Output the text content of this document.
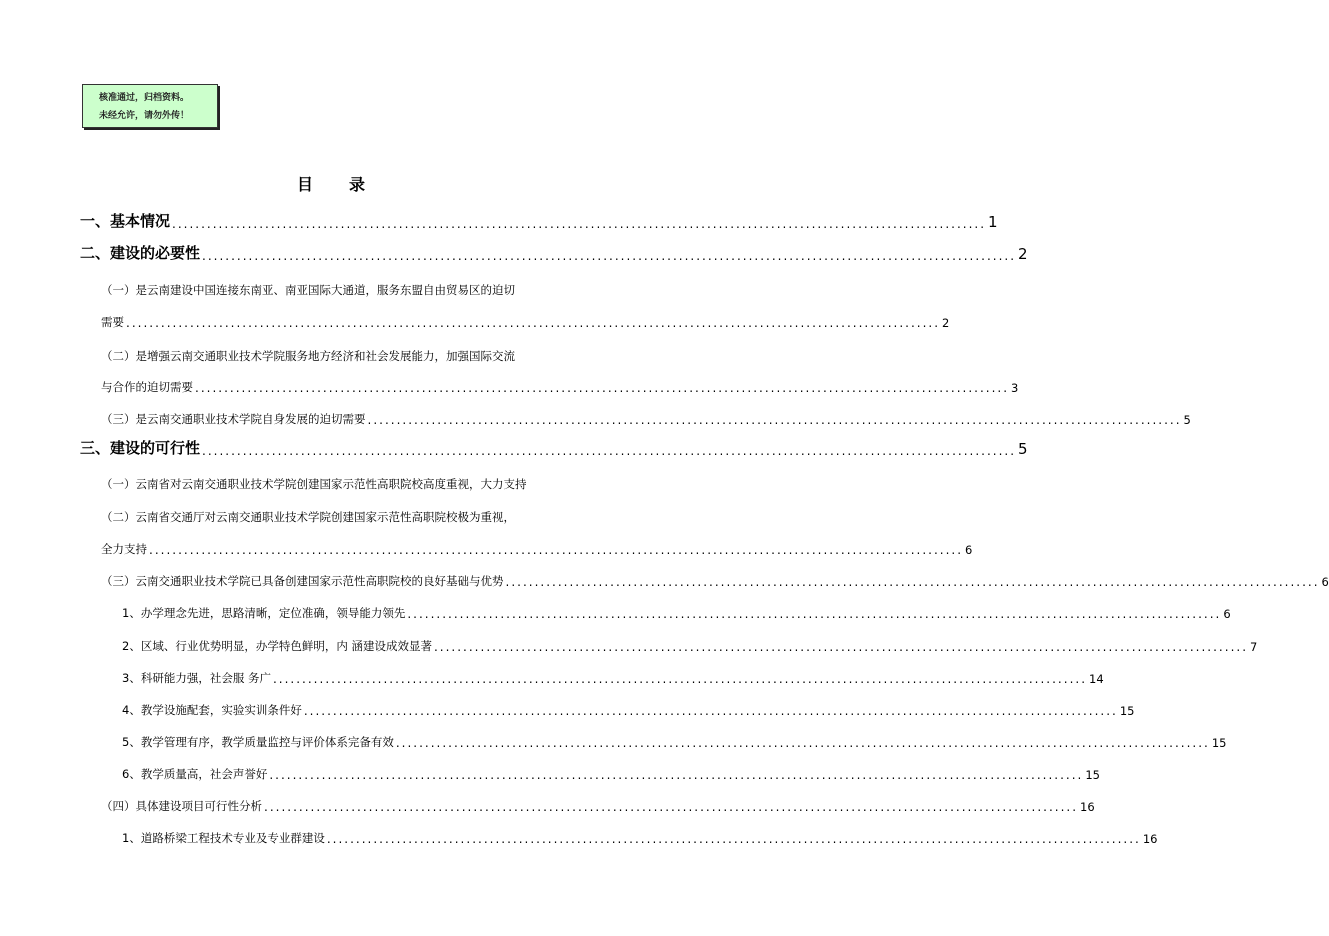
核准通过，归档资料。
未经允许，请勿外传！
目 录
一、基本情况 ............................................................................................................................................ 1
二、建设的必要性 ............................................................................................................................................ 2
（一）是云南建设中国连接东南亚、南亚国际大通道，服务东盟自由贸易区的迫切
需要 ............................................................................................................................................ 2
（二）是增强云南交通职业技术学院服务地方经济和社会发展能力，加强国际交流
与合作的迫切需要 ............................................................................................................................................ 3
（三）是云南交通职业技术学院自身发展的迫切需要 ............................................................................................................................................ 5
三、建设的可行性 ............................................................................................................................................ 5
（一）云南省对云南交通职业技术学院创建国家示范性高职院校高度重视，大力支持
（二）云南省交通厅对云南交通职业技术学院创建国家示范性高职院校极为重视，
全力支持 ............................................................................................................................................ 6
（三）云南交通职业技术学院已具备创建国家示范性高职院校的良好基础与优势 ............................................................................................................................................ 6
1、办学理念先进，思路清晰，定位准确，领导能力领先 ............................................................................................................................................ 6
2、区域、行业优势明显，办学特色鲜明，内 涵建设成效显著 ............................................................................................................................................ 7
3、科研能力强，社会服 务广 ............................................................................................................................................ 14
4、教学设施配套，实验实训条件好 ............................................................................................................................................ 15
5、教学管理有序，教学质量监控与评价体系完备有效 ............................................................................................................................................ 15
6、教学质量高，社会声誉好 ............................................................................................................................................ 15
（四）具体建设项目可行性分析 ............................................................................................................................................ 16
1、道路桥梁工程技术专业及专业群建设 ............................................................................................................................................ 16
